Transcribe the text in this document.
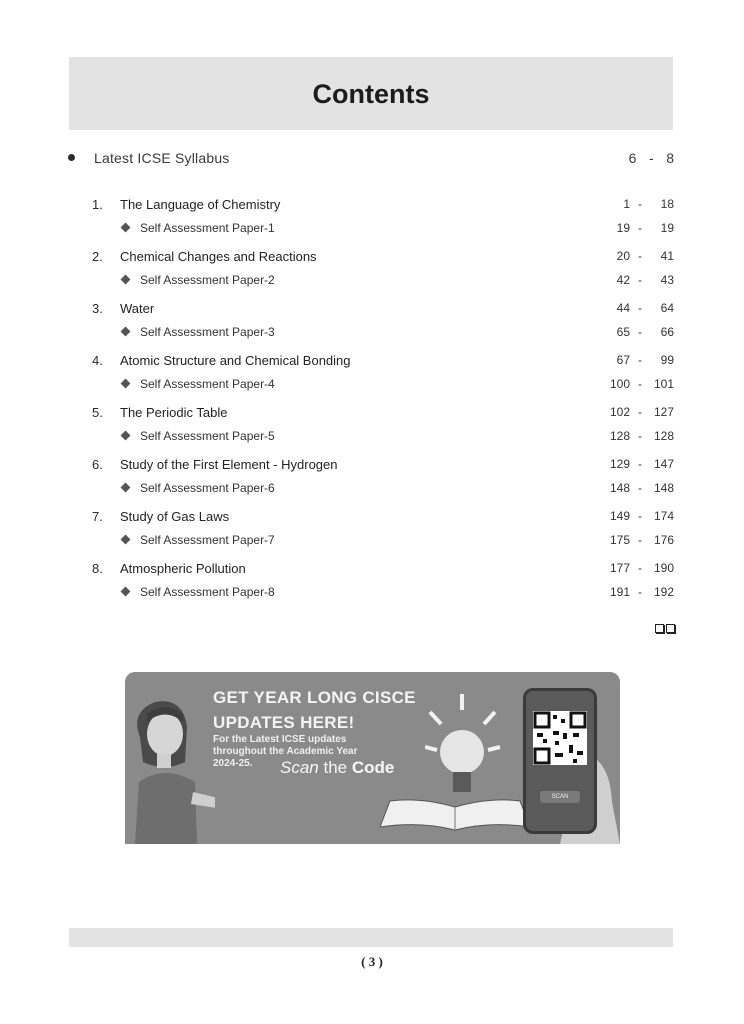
Contents
Latest ICSE Syllabus	6 - 8
1. The Language of Chemistry	1 - 18
Self Assessment Paper-1	19 - 19
2. Chemical Changes and Reactions	20 - 41
Self Assessment Paper-2	42 - 43
3. Water	44 - 64
Self Assessment Paper-3	65 - 66
4. Atomic Structure and Chemical Bonding	67 - 99
Self Assessment Paper-4	100 - 101
5. The Periodic Table	102 - 127
Self Assessment Paper-5	128 - 128
6. Study of the First Element - Hydrogen	129 - 147
Self Assessment Paper-6	148 - 148
7. Study of Gas Laws	149 - 174
Self Assessment Paper-7	175 - 176
8. Atmospheric Pollution	177 - 190
Self Assessment Paper-8	191 - 192
GET YEAR LONG CISCE
UPDATES HERE!
For the Latest ICSE updates
throughout the Academic Year
2024-25.	Scan the Code
SCAN
( 3 )
